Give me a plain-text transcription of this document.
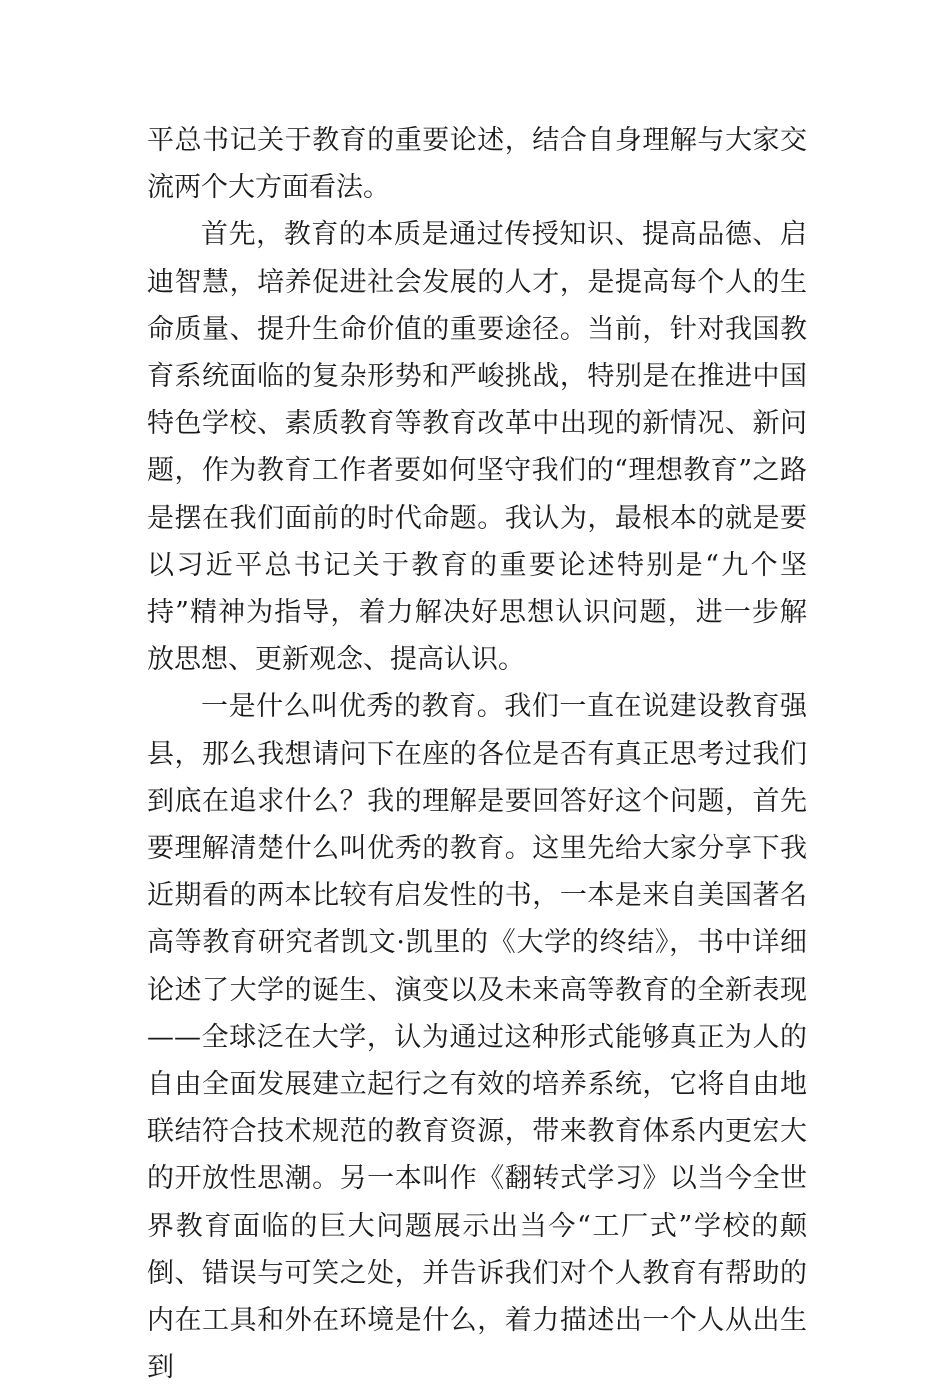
平总书记关于教育的重要论述，结合自身理解与大家交流两个大方面看法。

首先，教育的本质是通过传授知识、提高品德、启迪智慧，培养促进社会发展的人才，是提高每个人的生命质量、提升生命价值的重要途径。当前，针对我国教育系统面临的复杂形势和严峻挑战，特别是在推进中国特色学校、素质教育等教育改革中出现的新情况、新问题，作为教育工作者要如何坚守我们的“理想教育”之路是摆在我们面前的时代命题。我认为，最根本的就是要以习近平总书记关于教育的重要论述特别是“九个坚持”精神为指导，着力解决好思想认识问题，进一步解放思想、更新观念、提高认识。

一是什么叫优秀的教育。我们一直在说建设教育强县，那么我想请问下在座的各位是否有真正思考过我们到底在追求什么？我的理解是要回答好这个问题，首先要理解清楚什么叫优秀的教育。这里先给大家分享下我近期看的两本比较有启发性的书，一本是来自美国著名高等教育研究者凯文·凯里的《大学的终结》，书中详细论述了大学的诞生、演变以及未来高等教育的全新表现——全球泛在大学，认为通过这种形式能够真正为人的自由全面发展建立起行之有效的培养系统，它将自由地联结符合技术规范的教育资源，带来教育体系内更宏大的开放性思潮。另一本叫作《翻转式学习》以当今全世界教育面临的巨大问题展示出当今“工厂式”学校的颠倒、错误与可笑之处，并告诉我们对个人教育有帮助的内在工具和外在环境是什么，着力描述出一个人从出生到
